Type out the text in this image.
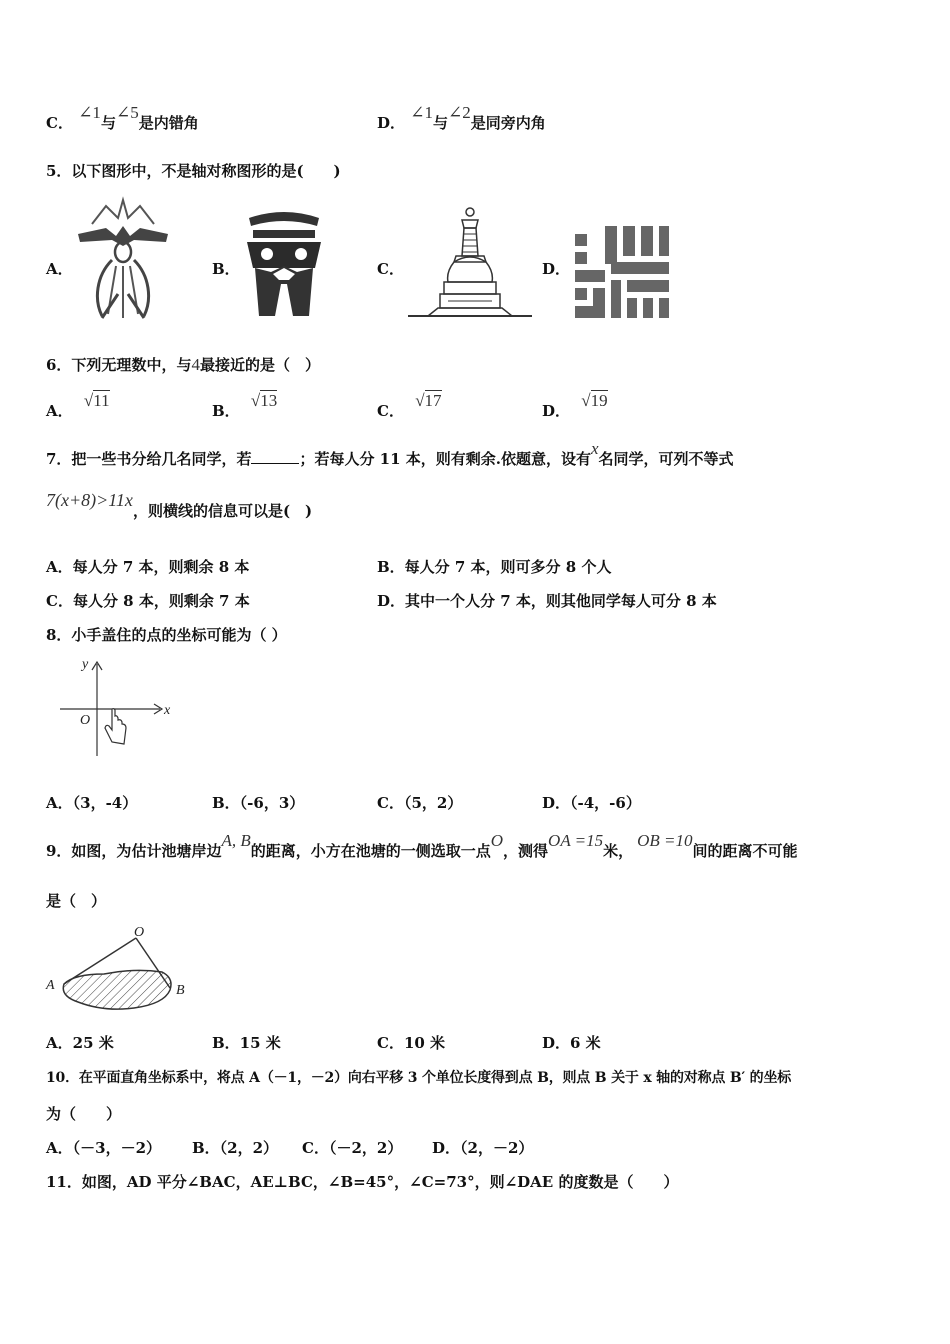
C． ∠1与∠5是内错角	D． ∠1与∠2是同旁内角
5．以下图形中，不是轴对称图形的是(　　)
A．	B．	C．	D．
6．下列无理数中，与4最接近的是（　）
A． √11
B． √13
C． √17
D． √19
7．把一些书分给几名同学，若	；若每人分 11 本，则有剩余.依题意，设有x名同学，可列不等式
7(x+8)>11x，则横线的信息可以是(　)
A．每人分 7 本，则剩余 8 本	B．每人分 7 本，则可多分 8 个人
C．每人分 8 本，则剩余 7 本	D．其中一个人分 7 本，则其他同学每人可分 8 本
8．小手盖住的点的坐标可能为（ ）
x
y
O
A．（3，-4）	B．（-6，3）	C．（5，2）	D．（-4，-6）
9．如图，为估计池塘岸边A, B的距离，小方在池塘的一侧选取一点O，测得OA =15米，OB =10间的距离不可能
是（　）
O
A	B
A．25 米	B．15 米	C．10 米	D．6 米
10．在平面直角坐标系中，将点 A（－1，－2）向右平移 3 个单位长度得到点 B，则点 B 关于 x 轴的对称点 B′ 的坐标
为（　　）
A．（－3，－2） B．（2，2） C．（－2，2） D．（2，－2）
11．如图，AD 平分∠BAC，AE⊥BC，∠B=45°，∠C=73°，则∠DAE 的度数是（　　）
